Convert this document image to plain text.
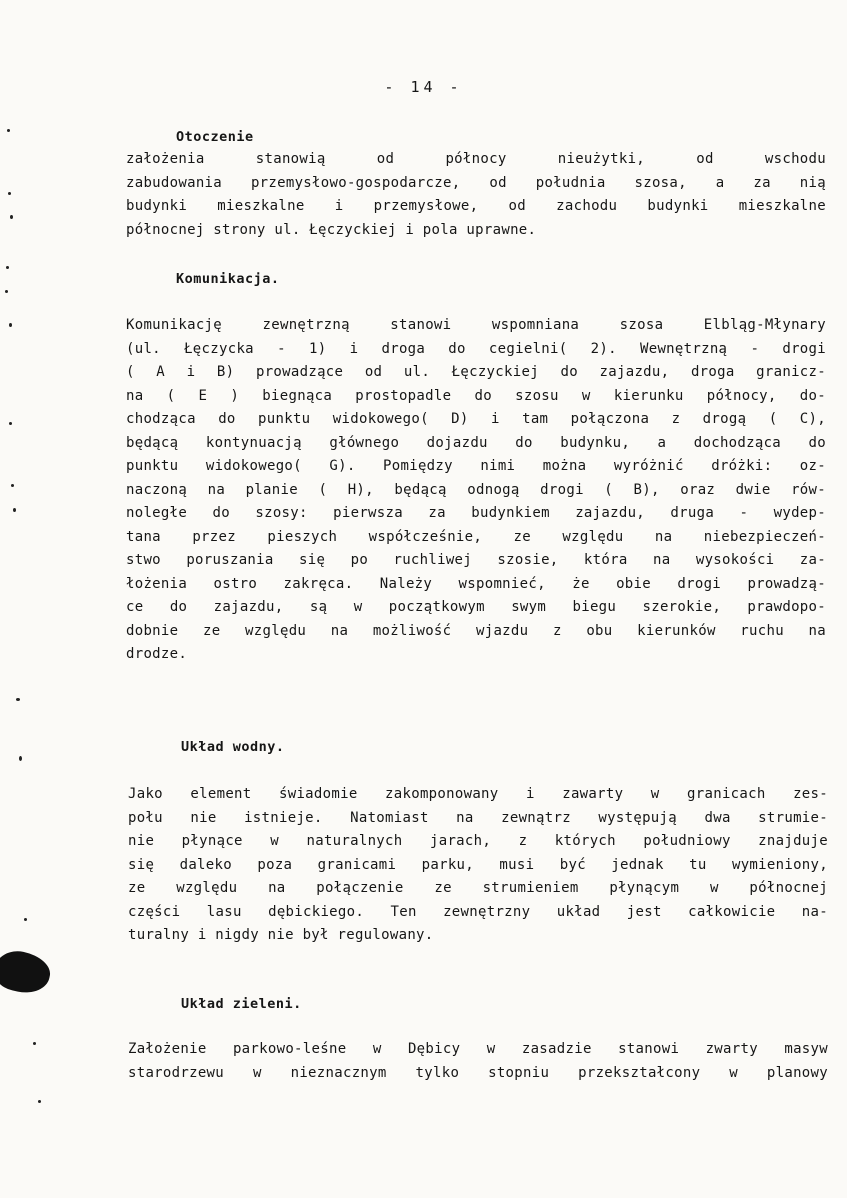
- 14 -
Otoczenie
założenia stanowią od północy nieużytki, od wschodu
zabudowania przemysłowo-gospodarcze, od południa szosa, a za nią
budynki mieszkalne i przemysłowe, od zachodu budynki mieszkalne
północnej strony ul. Łęczyckiej i pola uprawne.
Komunikacja.
Komunikację zewnętrzną stanowi wspomniana szosa Elbląg-Młynary
(ul. Łęczycka - 1) i droga do cegielni( 2). Wewnętrzną - drogi
( A i B) prowadzące od ul. Łęczyckiej do zajazdu, droga granicz-
na ( E ) biegnąca prostopadle do szosu w kierunku północy, do-
chodząca do punktu widokowego( D) i tam połączona z drogą ( C),
będącą kontynuacją głównego dojazdu do budynku, a dochodząca do
punktu widokowego( G). Pomiędzy nimi można wyróżnić dróżki: oz-
naczoną na planie ( H), będącą odnogą drogi ( B), oraz dwie rów-
noległe do szosy: pierwsza za budynkiem zajazdu, druga - wydep-
tana przez pieszych współcześnie, ze względu na niebezpieczeń-
stwo poruszania się po ruchliwej szosie, która na wysokości za-
łożenia ostro zakręca. Należy wspomnieć, że obie drogi prowadzą-
ce do zajazdu, są w początkowym swym biegu szerokie, prawdopo-
dobnie ze względu na możliwość wjazdu z obu kierunków ruchu na
drodze.
Układ wodny.
Jako element świadomie zakomponowany i zawarty w granicach zes-
połu nie istnieje. Natomiast na zewnątrz występują dwa strumie-
nie płynące w naturalnych jarach, z których południowy znajduje
się daleko poza granicami parku, musi być jednak tu wymieniony,
ze względu na połączenie ze strumieniem płynącym w północnej
części lasu dębickiego. Ten zewnętrzny układ jest całkowicie na-
turalny i nigdy nie był regulowany.
Układ zieleni.
Założenie parkowo-leśne w Dębicy w zasadzie stanowi zwarty masyw
starodrzewu w nieznacznym tylko stopniu przekształcony w planowy
